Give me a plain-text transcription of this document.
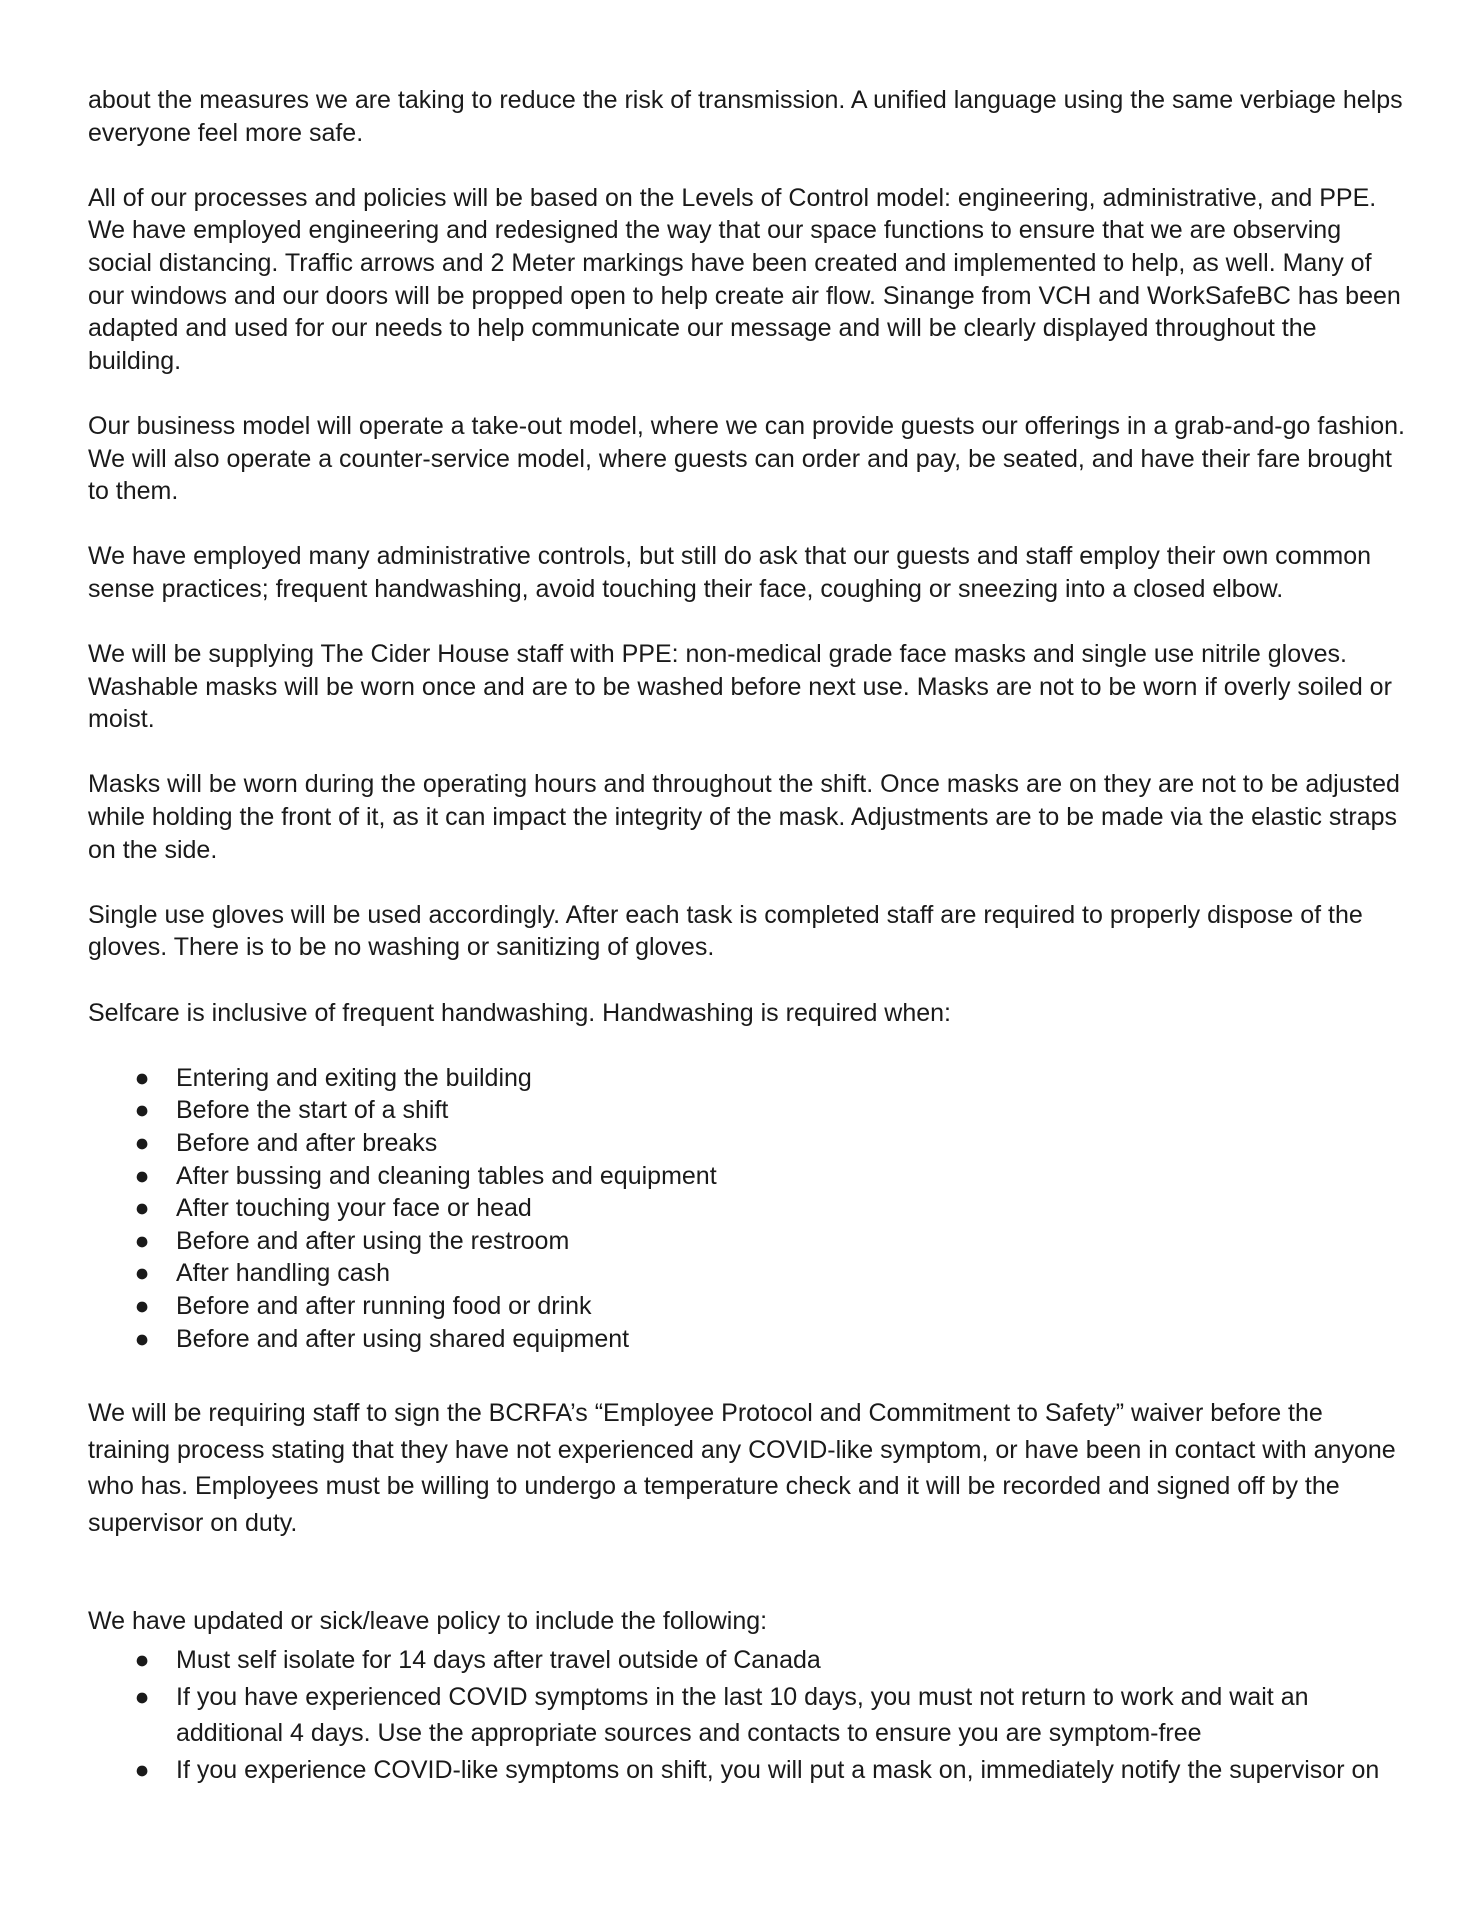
about the measures we are taking to reduce the risk of transmission. A unified language using the same verbiage helps everyone feel more safe.

All of our processes and policies will be based on the Levels of Control model: engineering, administrative, and PPE. We have employed engineering and redesigned the way that our space functions to ensure that we are observing social distancing. Traffic arrows and 2 Meter markings have been created and implemented to help, as well. Many of our windows and our doors will be propped open to help create air flow. Sinange from VCH and WorkSafeBC has been adapted and used for our needs to help communicate our message and will be clearly displayed throughout the building.

Our business model will operate a take-out model, where we can provide guests our offerings in a grab-and-go fashion. We will also operate a counter-service model, where guests can order and pay, be seated, and have their fare brought to them.

We have employed many administrative controls, but still do ask that our guests and staff employ their own common sense practices; frequent handwashing, avoid touching their face, coughing or sneezing into a closed elbow.

We will be supplying The Cider House staff with PPE: non-medical grade face masks and single use nitrile gloves. Washable masks will be worn once and are to be washed before next use. Masks are not to be worn if overly soiled or moist.

Masks will be worn during the operating hours and throughout the shift. Once masks are on they are not to be adjusted while holding the front of it, as it can impact the integrity of the mask. Adjustments are to be made via the elastic straps on the side.

Single use gloves will be used accordingly. After each task is completed staff are required to properly dispose of the gloves. There is to be no washing or sanitizing of gloves.

Selfcare is inclusive of frequent handwashing. Handwashing is required when:

● Entering and exiting the building
● Before the start of a shift
● Before and after breaks
● After bussing and cleaning tables and equipment
● After touching your face or head
● Before and after using the restroom
● After handling cash
● Before and after running food or drink
● Before and after using shared equipment

We will be requiring staff to sign the BCRFA’s “Employee Protocol and Commitment to Safety” waiver before the training process stating that they have not experienced any COVID-like symptom, or have been in contact with anyone who has. Employees must be willing to undergo a temperature check and it will be recorded and signed off by the supervisor on duty.

We have updated or sick/leave policy to include the following:

● Must self isolate for 14 days after travel outside of Canada
● If you have experienced COVID symptoms in the last 10 days, you must not return to work and wait an additional 4 days. Use the appropriate sources and contacts to ensure you are symptom-free
● If you experience COVID-like symptoms on shift, you will put a mask on, immediately notify the supervisor on
